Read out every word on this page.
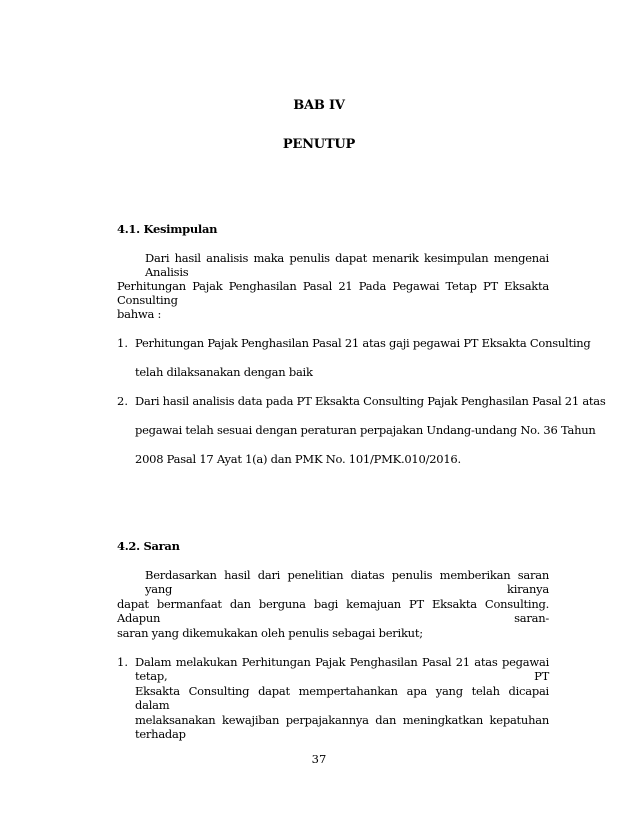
BAB IV
PENUTUP
4.1. Kesimpulan
Dari hasil analisis maka penulis dapat menarik kesimpulan mengenai Analisis
Perhitungan Pajak Penghasilan Pasal 21 Pada Pegawai Tetap PT Eksakta Consulting
bahwa :
1. Perhitungan Pajak Penghasilan Pasal 21 atas gaji pegawai PT Eksakta Consulting
telah dilaksanakan dengan baik
2. Dari hasil analisis data pada PT Eksakta Consulting Pajak Penghasilan Pasal 21 atas
pegawai telah sesuai dengan peraturan perpajakan Undang-undang No. 36 Tahun
2008 Pasal 17 Ayat 1(a) dan PMK No. 101/PMK.010/2016.
4.2. Saran
Berdasarkan hasil dari penelitian diatas penulis memberikan saran yang kiranya
dapat bermanfaat dan berguna bagi kemajuan PT Eksakta Consulting. Adapun saran-
saran yang dikemukakan oleh penulis sebagai berikut;
1. Dalam melakukan Perhitungan Pajak Penghasilan Pasal 21 atas pegawai tetap, PT
Eksakta Consulting dapat mempertahankan apa yang telah dicapai dalam
melaksanakan kewajiban perpajakannya dan meningkatkan kepatuhan terhadap
37
